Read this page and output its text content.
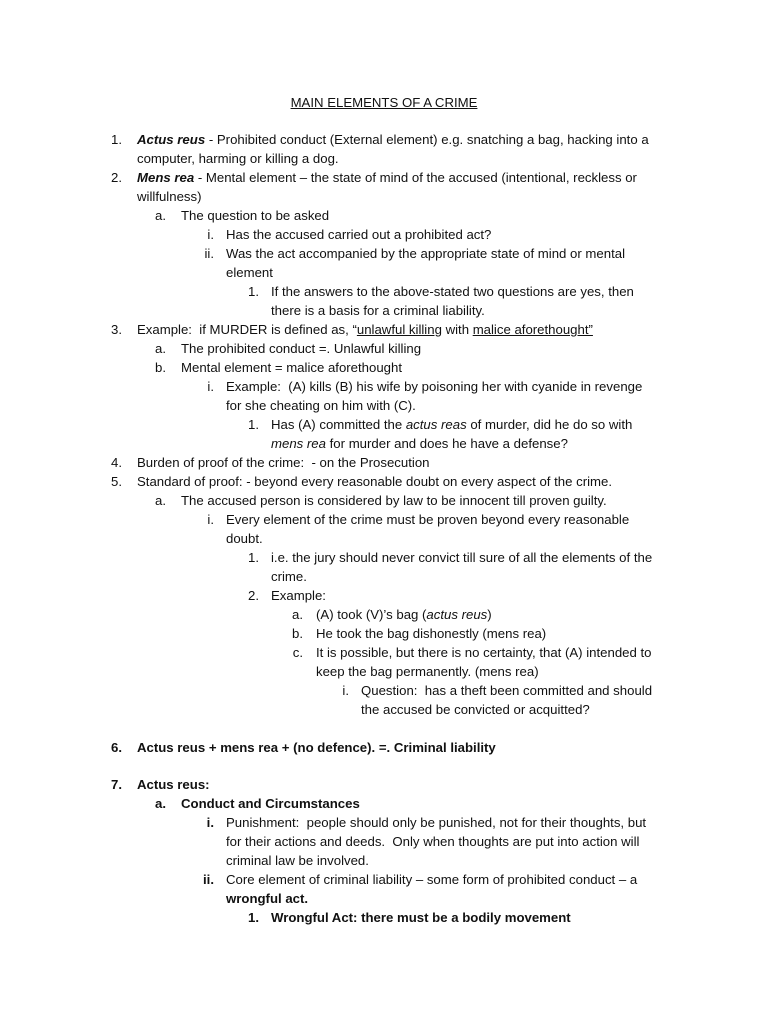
MAIN ELEMENTS OF A CRIME
1. Actus reus - Prohibited conduct (External element) e.g. snatching a bag, hacking into a
computer, harming or killing a dog.
2. Mens rea - Mental element – the state of mind of the accused (intentional, reckless or
willfulness)
a. The question to be asked
i. Has the accused carried out a prohibited act?
ii. Was the act accompanied by the appropriate state of mind or mental
element
1. If the answers to the above-stated two questions are yes, then
there is a basis for a criminal liability.
3. Example:  if MURDER is defined as, “unlawful killing with malice aforethought”
a. The prohibited conduct =. Unlawful killing
b. Mental element = malice aforethought
i. Example:  (A) kills (B) his wife by poisoning her with cyanide in revenge
for she cheating on him with (C).
1. Has (A) committed the actus reas of murder, did he do so with
mens rea for murder and does he have a defense?
4. Burden of proof of the crime:  - on the Prosecution
5. Standard of proof: - beyond every reasonable doubt on every aspect of the crime.
a. The accused person is considered by law to be innocent till proven guilty.
i. Every element of the crime must be proven beyond every reasonable
doubt.
1. i.e. the jury should never convict till sure of all the elements of the
crime.
2. Example:
a. (A) took (V)’s bag (actus reus)
b. He took the bag dishonestly (mens rea)
c. It is possible, but there is no certainty, that (A) intended to
keep the bag permanently. (mens rea)
i. Question:  has a theft been committed and should
the accused be convicted or acquitted?
6. Actus reus + mens rea + (no defence). =. Criminal liability
7. Actus reus:
a. Conduct and Circumstances
i. Punishment:  people should only be punished, not for their thoughts, but
for their actions and deeds.  Only when thoughts are put into action will
criminal law be involved.
ii. Core element of criminal liability – some form of prohibited conduct – a
wrongful act.
1. Wrongful Act: there must be a bodily movement
